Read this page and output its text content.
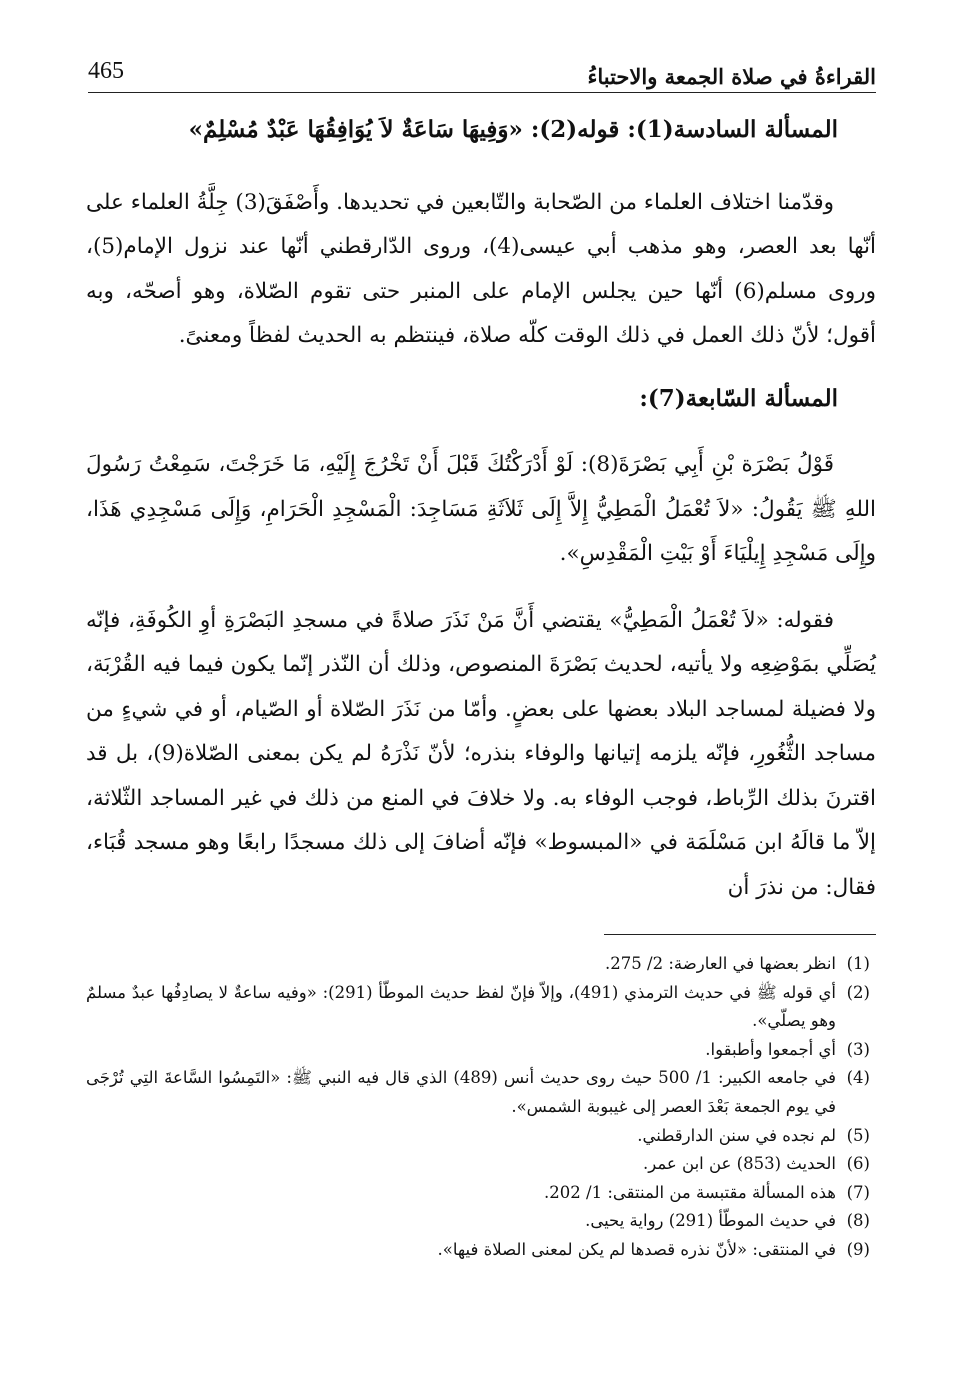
القراءةُ في صلاة الجمعة والاحتباءُ
465

المسألة السادسة(1): قوله(2): «وَفِيهَا سَاعَةٌ لاَ يُوَافِقُهَا عَبْدٌ مُسْلِمٌ»

وقدّمنا اختلاف العلماء من الصّحابة والتّابعين في تحديدها. وأَصْفَقَ(3) جِلَّةُ العلماء على أنّها بعد العصر، وهو مذهب أبي عيسى(4)، وروى الدّارقطني أنّها عند نزول الإمام(5)، وروى مسلم(6) أنّها حين يجلس الإمام على المنبر حتى تقوم الصّلاة، وهو أصحّه، وبه أقول؛ لأنّ ذلك العمل في ذلك الوقت كلّه صلاة، فينتظم به الحديث لفظاً ومعنىً.

المسألة السّابعة(7):

قَوْلُ بَصْرَة بْنِ أَبِي بَصْرَةَ(8): لَوْ أَدْرَكْتُكَ قَبْلَ أَنْ تَخْرُجَ إِلَيْهِ، مَا خَرَجْتَ، سَمِعْتُ رَسُولَ اللهِ ﷺ يَقُولُ: «لاَ تُعْمَلُ الْمَطِيُّ إِلاَّ إِلَى ثَلاَثَةِ مَسَاجِدَ: الْمَسْجِدِ الْحَرَامِ، وَإِلَى مَسْجِدِي هَذَا، وإِلَى مَسْجِدِ إِيلْيَاءَ أَوْ بَيْتِ الْمَقْدِسِ».

فقوله: «لاَ تُعْمَلُ الْمَطِيُّ» يقتضي أَنَّ مَنْ نَذَرَ صلاةً في مسجدِ البَصْرَةِ أوِ الكُوفَةِ، فإنّه يُصَلِّي بمَوْضِعِه ولا يأتيه، لحديث بَصْرَةَ المنصوص، وذلك أن النّذر إنّما يكون فيما فيه القُرْبَة، ولا فضيلة لمساجد البلاد بعضها على بعضٍ. وأمّا من نَذَرَ الصّلاة أو الصّيام، أو في شيءٍ من مساجد الثُّغُورِ، فإنّه يلزمه إتيانها والوفاء بنذره؛ لأنّ نَذْرَهُ لم يكن بمعنى الصّلاة(9)، بل قد اقترنَ بذلك الرِّباط، فوجب الوفاء به. ولا خلافَ في المنع من ذلك في غير المساجد الثّلاثة، إلاّ ما قالَهُ ابن مَسْلَمَة في «المبسوط» فإنّه أضافَ إلى ذلك مسجدًا رابعًا وهو مسجد قُبَاء، فقال: من نذرَ أن

(1)
انظر بعضها في العارضة: 2/ 275.
(2)
أي قوله ﷺ في حديث الترمذي (491)، وإلاّ فإنّ لفظ حديث الموطّأ (291): «وفيه ساعةٌ لا يصادِفُها عبدٌ مسلمٌ وهو يصلّي».
(3)
أي أجمعوا وأطبقوا.
(4)
في جامعه الكبير: 1/ 500 حيث روى حديث أنس (489) الذي قال فيه النبي ﷺ: «التَمِسُوا السَّاعةَ التِي تُرْجَى في يوم الجمعة بَعْدَ العصر إلى غيبوبة الشمس».
(5)
لم نجده في سنن الدارقطني.
(6)
الحديث (853) عن ابن عمر.
(7)
هذه المسألة مقتبسة من المنتقى: 1/ 202.
(8)
في حديث الموطّأ (291) رواية يحيى.
(9)
في المنتقى: «لأنّ نذره قصدها لم يكن لمعنى الصلاة فيها».
